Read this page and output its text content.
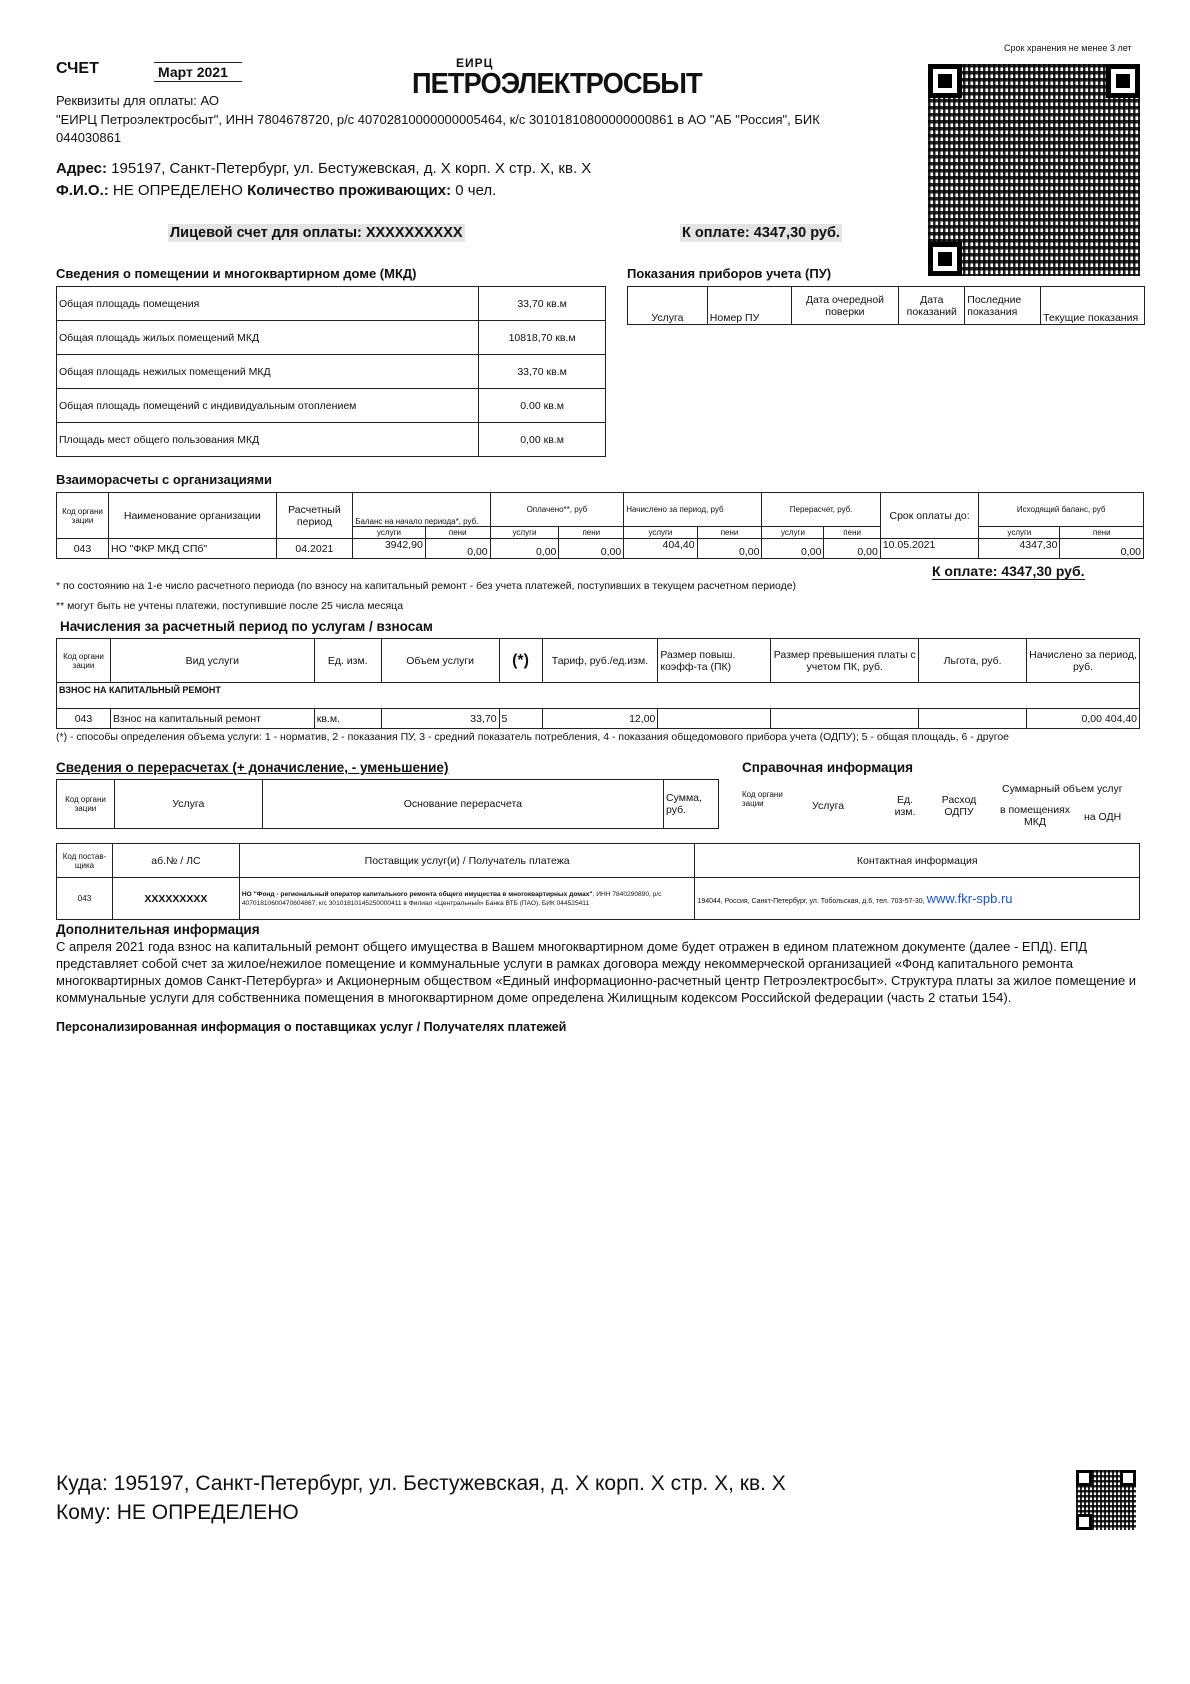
СЧЕТ	Март 2021
Срок хранения не менее 3 лет
ЕИРЦ
ПЕТРОЭЛЕКТРОСБЫТ
Реквизиты для оплаты: АО
"ЕИРЦ Петроэлектросбыт", ИНН 7804678720, р/с 40702810000000005464, к/с 30101810800000000861 в АО "АБ "Россия", БИК 044030861
Адрес: 195197, Санкт-Петербург, ул. Бестужевская, д. X корп. X стр. X, кв. X
Ф.И.О.: НЕ ОПРЕДЕЛЕНО Количество проживающих: 0 чел.
Лицевой счет для оплаты: XXXXXXXXXX	К оплате: 4347,30 руб.
Сведения о помещении и многоквартирном доме (МКД)
Общая площадь помещения	33,70 кв.м
Общая площадь жилых помещений МКД	10818,70 кв.м
Общая площадь нежилых помещений МКД	33,70 кв.м
Общая площадь помещений с индивидуальным отоплением	0.00 кв.м
Площадь мест общего пользования МКД	0,00 кв.м
Показания приборов учета (ПУ)
Услуга	Номер ПУ	Дата очередной поверки	Дата показаний	Последние показания	Текущие показания
Взаиморасчеты с организациями
Код органи зации	Наименование организации	Расчетный период	Баланс на начало периода*, руб.		Оплачено**, руб		Начислено за период, руб		Перерасчет, руб.		Срок оплаты до:	Исходящий баланс, руб	
			услуги	пени	услуги	пени	услуги	пени	услуги	пени		услуги	пени
043	НО "ФКР МКД СПб"	04.2021	3942,90	0,00	0,00	0,00	404,40	0,00	0,00	0,00	10.05.2021	4347,30	0,00
К оплате: 4347,30 руб.
* по состоянию на 1-е число расчетного периода (по взносу на капитальный ремонт - без учета платежей, поступивших в текущем расчетном периоде)
** могут быть не учтены платежи, поступившие после 25 числа месяца
Начисления за расчетный период по услугам / взносам
Код органи зации	Вид услуги	Ед. изм.	Объем услуги	(*)	Тариф, руб./ед.изм.	Размер повыш. коэфф-та (ПК)	Размер превышения платы с учетом ПК, руб.	Льгота, руб.	Начислено за период, руб.
ВЗНОС НА КАПИТАЛЬНЫЙ РЕМОНТ									

043	Взнос на капитальный ремонт	кв.м.	33,70	5	12,00				0,00 404,40
(*) - способы определения объема услуги: 1 - норматив, 2 - показания ПУ, 3 - средний показатель потребления, 4 - показания общедомового прибора учета (ОДПУ); 5 - общая площадь, 6 - другое
Сведения о перерасчетах (+ доначисление, - уменьшение)
Код органи зации	Услуга	Основание перерасчета	Сумма, руб.
Справочная информация
Код органи зации	Услуга	Ед. изм.
Расход ОДПУ
Суммарный объем услуг
в помещениях МКД	на ОДН
Код постав- щика	аб.№ / ЛС	Поставщик услуг(и) / Получатель платежа	Контактная информация
043	XXXXXXXXX	НО "Фонд - региональный оператор капитального ремонта общего имущества в многоквартирных домах", ИНН 7840290890, р/с 40701810600470604867, к/с 30101810145250000411 в Филиал «Центральный» Банка ВТБ (ПАО), БИК 044525411	194044, Россия, Санкт-Петербург, ул. Тобольская, д.6, тел. 703-57-30, www.fkr-spb.ru
Дополнительная информация
С апреля 2021 года взнос на капитальный ремонт общего имущества в Вашем многоквартирном доме будет отражен в едином платежном документе (далее - ЕПД). ЕПД представляет собой счет за жилое/нежилое помещение и коммунальные услуги в рамках договора между некоммерческой организацией «Фонд капитального ремонта многоквартирных домов Санкт-Петербурга» и Акционерным обществом «Единый информационно-расчетный центр Петроэлектросбыт». Структура платы за жилое помещение и коммунальные услуги для собственника помещения в многоквартирном доме определена Жилищным кодексом Российской федерации (часть 2 статьи 154).
Персонализированная информация о поставщиках услуг / Получателях платежей
Куда: 195197, Санкт-Петербург, ул. Бестужевская, д. X корп. X стр. X, кв. X
Кому: НЕ ОПРЕДЕЛЕНО
